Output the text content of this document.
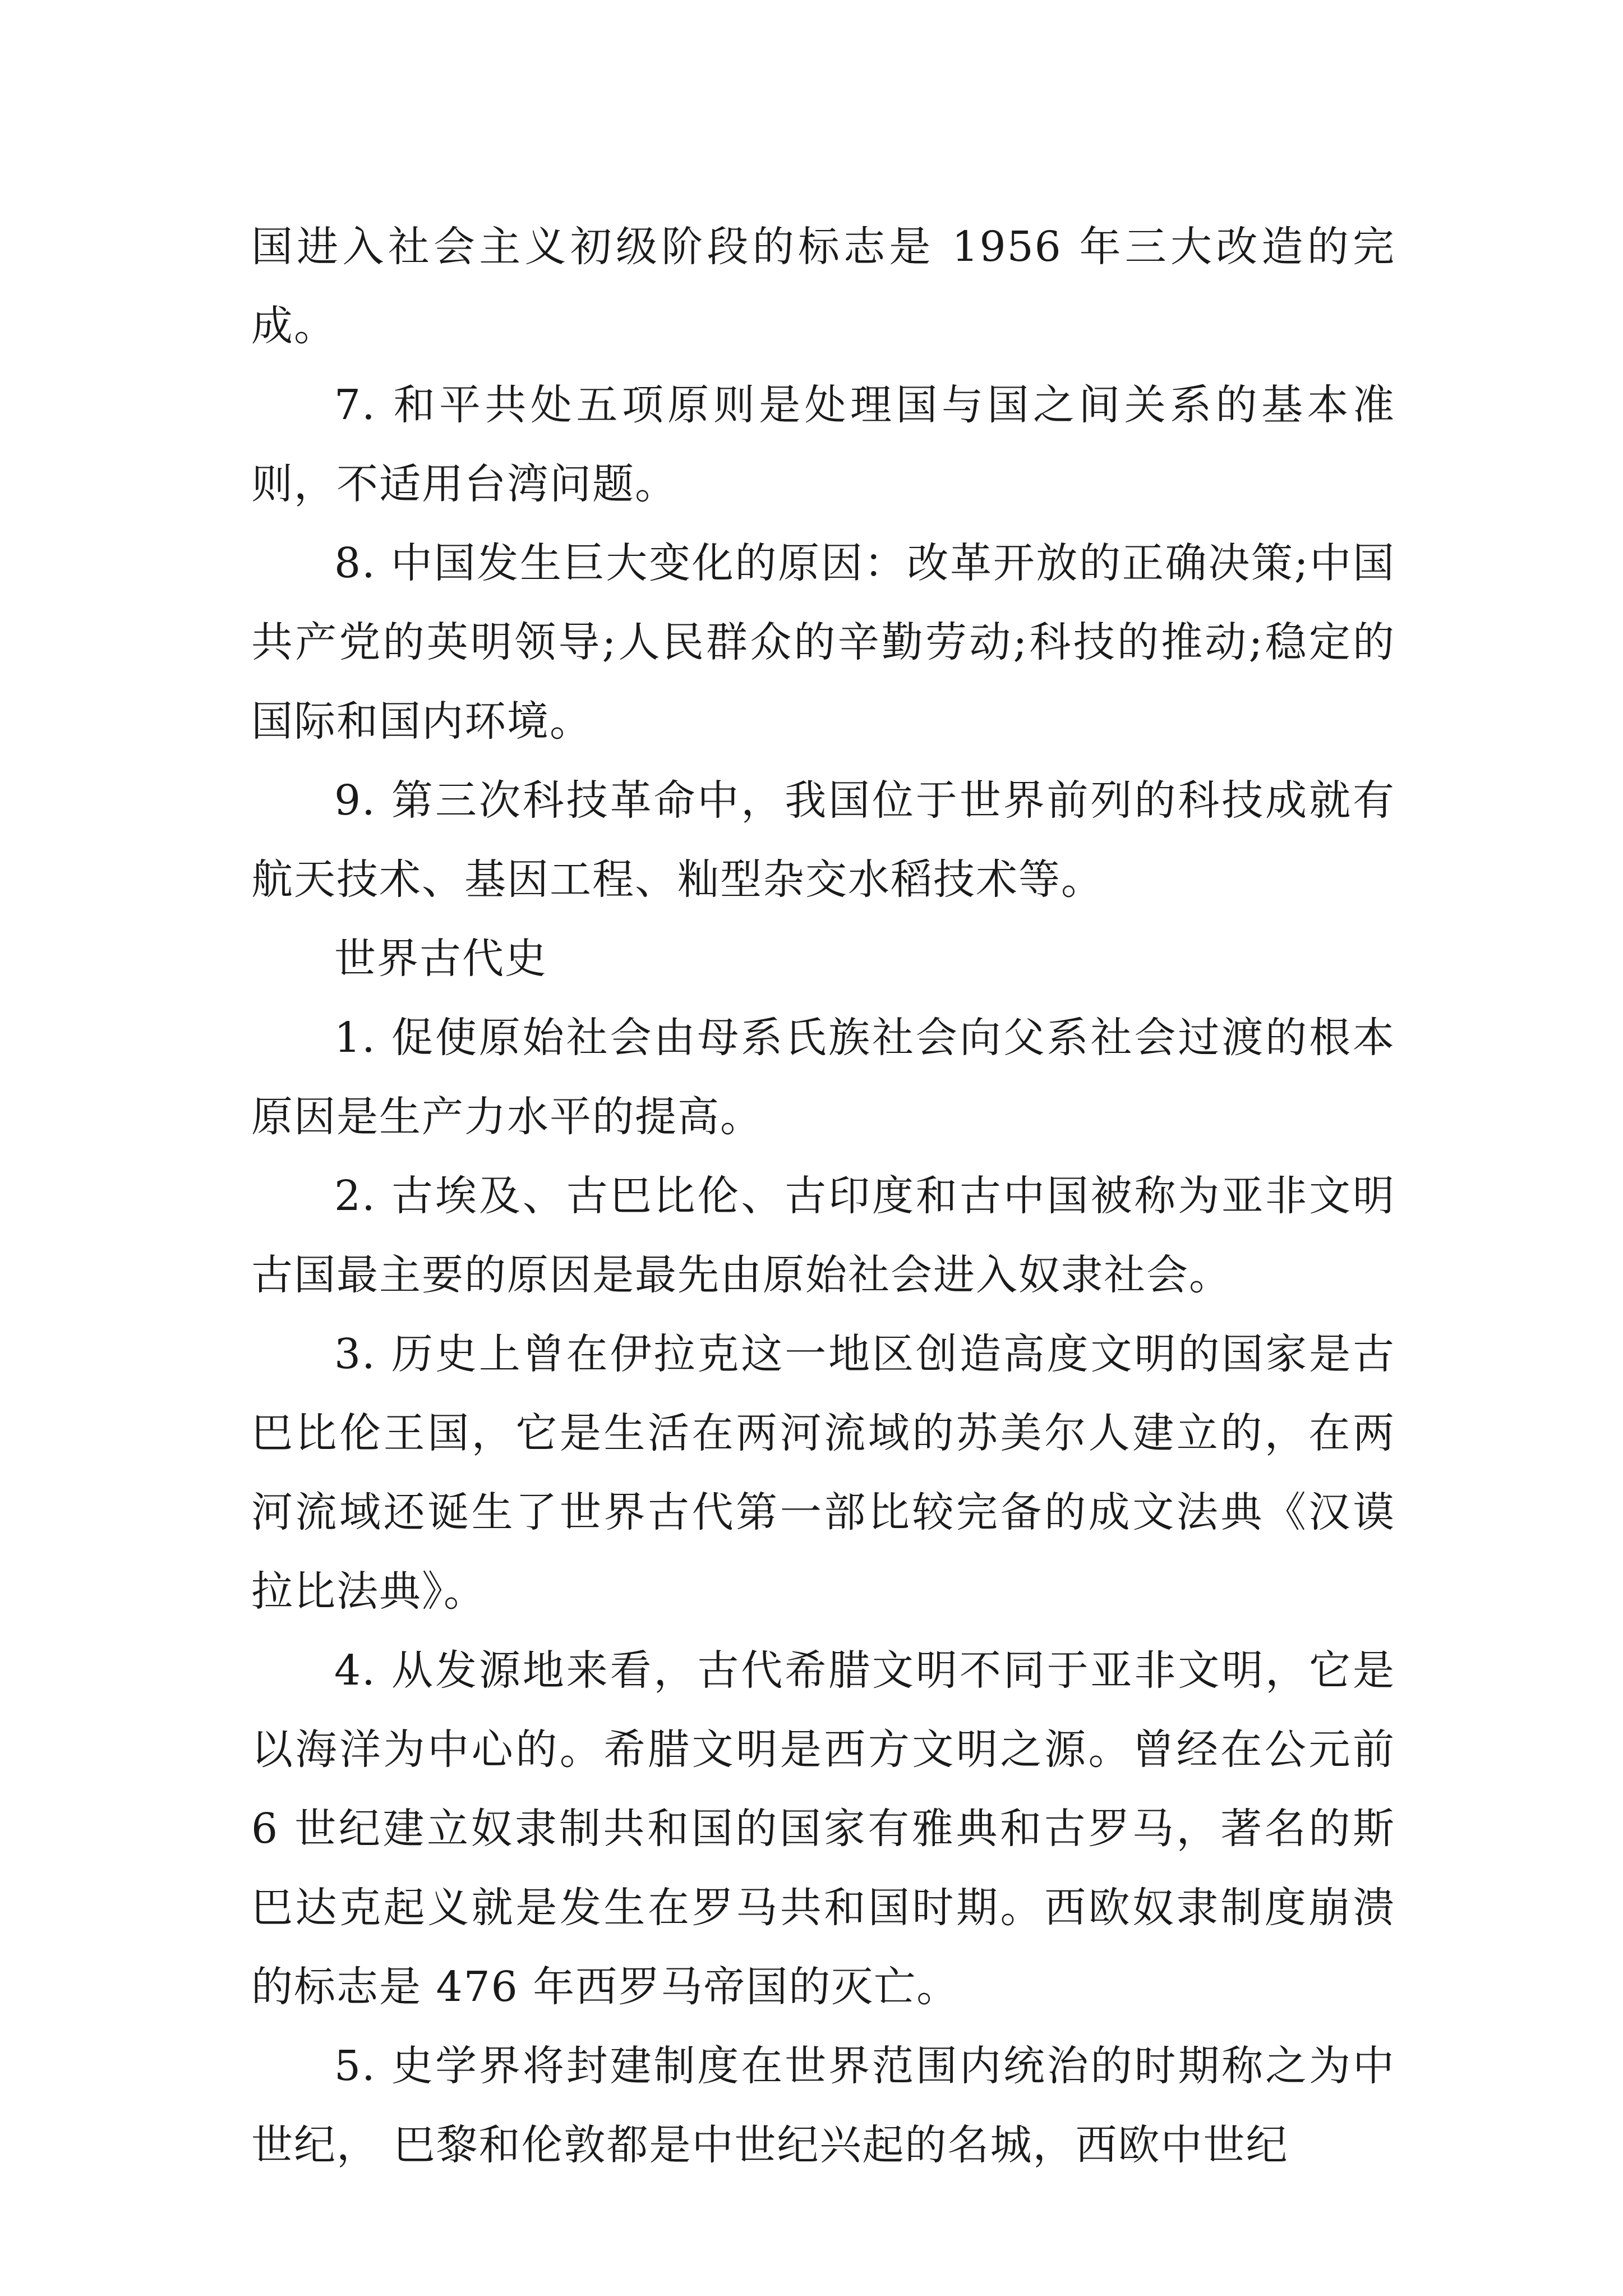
国进入社会主义初级阶段的标志是 1956 年三大改造的完成。

7. 和平共处五项原则是处理国与国之间关系的基本准则，不适用台湾问题。

8. 中国发生巨大变化的原因：改革开放的正确决策;中国共产党的英明领导;人民群众的辛勤劳动;科技的推动;稳定的国际和国内环境。

9. 第三次科技革命中，我国位于世界前列的科技成就有航天技术、基因工程、籼型杂交水稻技术等。

世界古代史

1. 促使原始社会由母系氏族社会向父系社会过渡的根本原因是生产力水平的提高。

2. 古埃及、古巴比伦、古印度和古中国被称为亚非文明古国最主要的原因是最先由原始社会进入奴隶社会。

3. 历史上曾在伊拉克这一地区创造高度文明的国家是古巴比伦王国，它是生活在两河流域的苏美尔人建立的，在两河流域还诞生了世界古代第一部比较完备的成文法典《汉谟拉比法典》。

4. 从发源地来看，古代希腊文明不同于亚非文明，它是以海洋为中心的。希腊文明是西方文明之源。曾经在公元前 6 世纪建立奴隶制共和国的国家有雅典和古罗马，著名的斯巴达克起义就是发生在罗马共和国时期。西欧奴隶制度崩溃的标志是 476 年西罗马帝国的灭亡。

5. 史学界将封建制度在世界范围内统治的时期称之为中世纪， 巴黎和伦敦都是中世纪兴起的名城，西欧中世纪
